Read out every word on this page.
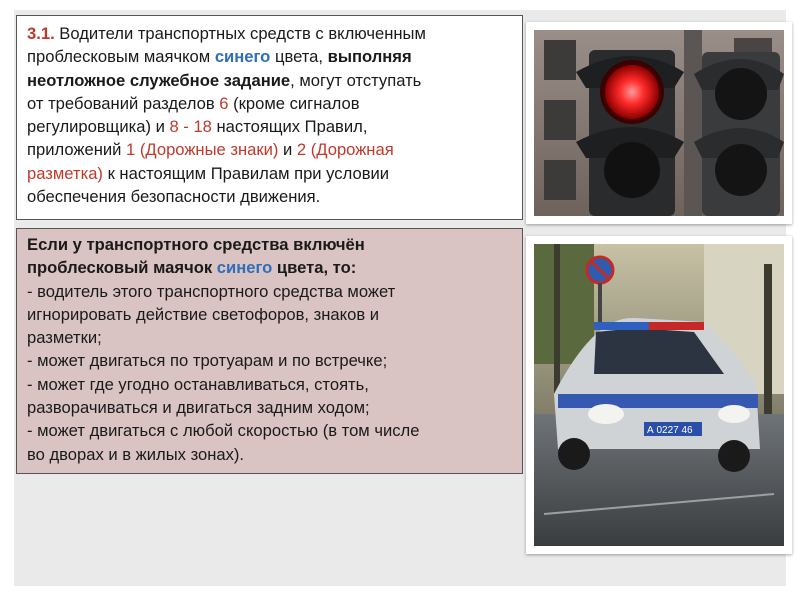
3.1. Водители транспортных средств с включенным
проблесковым маячком синего цвета, выполняя
неотложное служебное задание, могут отступать
от требований разделов 6 (кроме сигналов
регулировщика) и 8 - 18 настоящих Правил,
приложений 1 (Дорожные знаки) и 2 (Дорожная
разметка) к настоящим Правилам при условии
обеспечения безопасности движения.
Если у транспортного средства включён
проблесковый маячок синего цвета, то:
- водитель этого транспортного средства может
игнорировать действие светофоров, знаков и
разметки;
- может двигаться по тротуарам и по встречке;
- может где угодно останавливаться, стоять,
разворачиваться и двигаться задним ходом;
- может двигаться с любой скоростью (в том числе
во дворах и в жилых зонах).
А 0227 46
